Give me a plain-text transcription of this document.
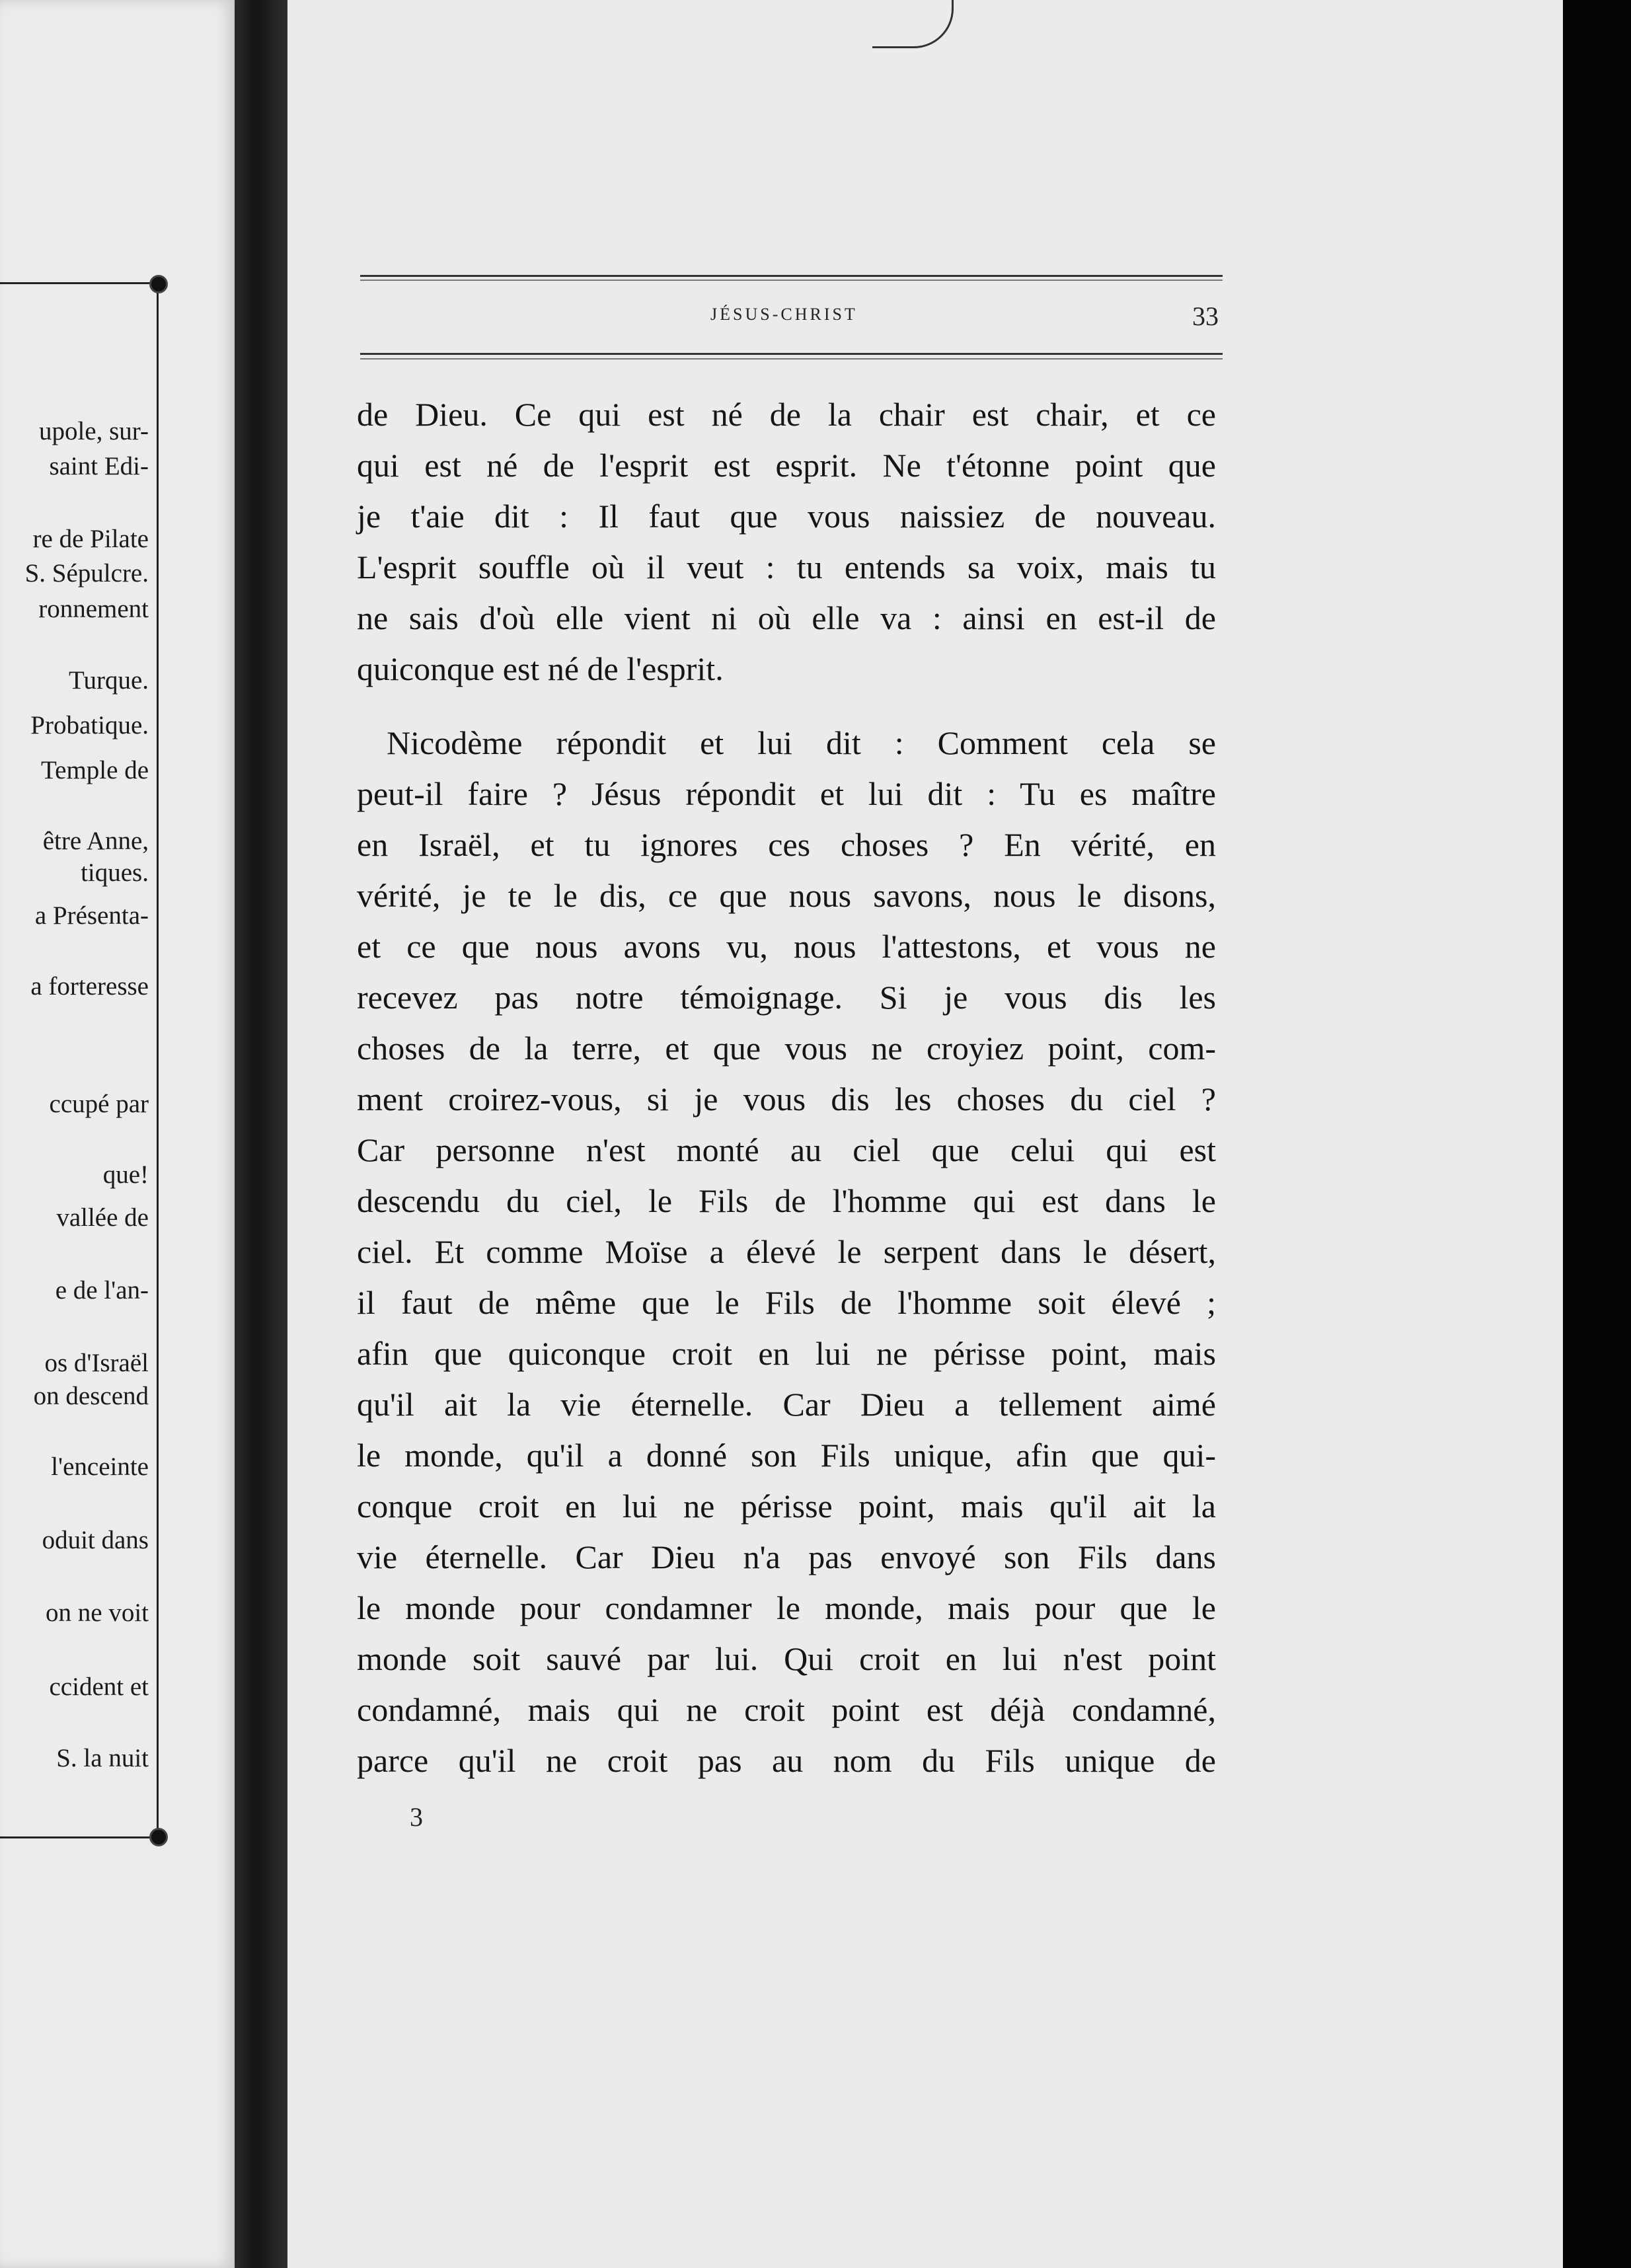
upole, sur-
saint Edi-
re de Pilate
S. Sépulcre.
ronnement
Turque.
Probatique.
Temple de
être Anne,
tiques.
a Présenta-
a forteresse
ccupé par
que!
vallée de
e de l'an-
os d'Israël
on descend
l'enceinte
oduit dans
on ne voit
ccident et
S. la nuit
JÉSUS-CHRIST	33
de Dieu. Ce qui est né de la chair est chair, et ce
qui est né de l'esprit est esprit. Ne t'étonne point que
je t'aie dit : Il faut que vous naissiez de nouveau.
L'esprit souffle où il veut : tu entends sa voix, mais tu
ne sais d'où elle vient ni où elle va : ainsi en est-il de
quiconque est né de l'esprit.
Nicodème répondit et lui dit : Comment cela se
peut-il faire ? Jésus répondit et lui dit : Tu es maître
en Israël, et tu ignores ces choses ? En vérité, en
vérité, je te le dis, ce que nous savons, nous le disons,
et ce que nous avons vu, nous l'attestons, et vous ne
recevez pas notre témoignage. Si je vous dis les
choses de la terre, et que vous ne croyiez point, com-
ment croirez-vous, si je vous dis les choses du ciel ?
Car personne n'est monté au ciel que celui qui est
descendu du ciel, le Fils de l'homme qui est dans le
ciel. Et comme Moïse a élevé le serpent dans le désert,
il faut de même que le Fils de l'homme soit élevé ;
afin que quiconque croit en lui ne périsse point, mais
qu'il ait la vie éternelle. Car Dieu a tellement aimé
le monde, qu'il a donné son Fils unique, afin que qui-
conque croit en lui ne périsse point, mais qu'il ait la
vie éternelle. Car Dieu n'a pas envoyé son Fils dans
le monde pour condamner le monde, mais pour que le
monde soit sauvé par lui. Qui croit en lui n'est point
condamné, mais qui ne croit point est déjà condamné,
parce qu'il ne croit pas au nom du Fils unique de
3
